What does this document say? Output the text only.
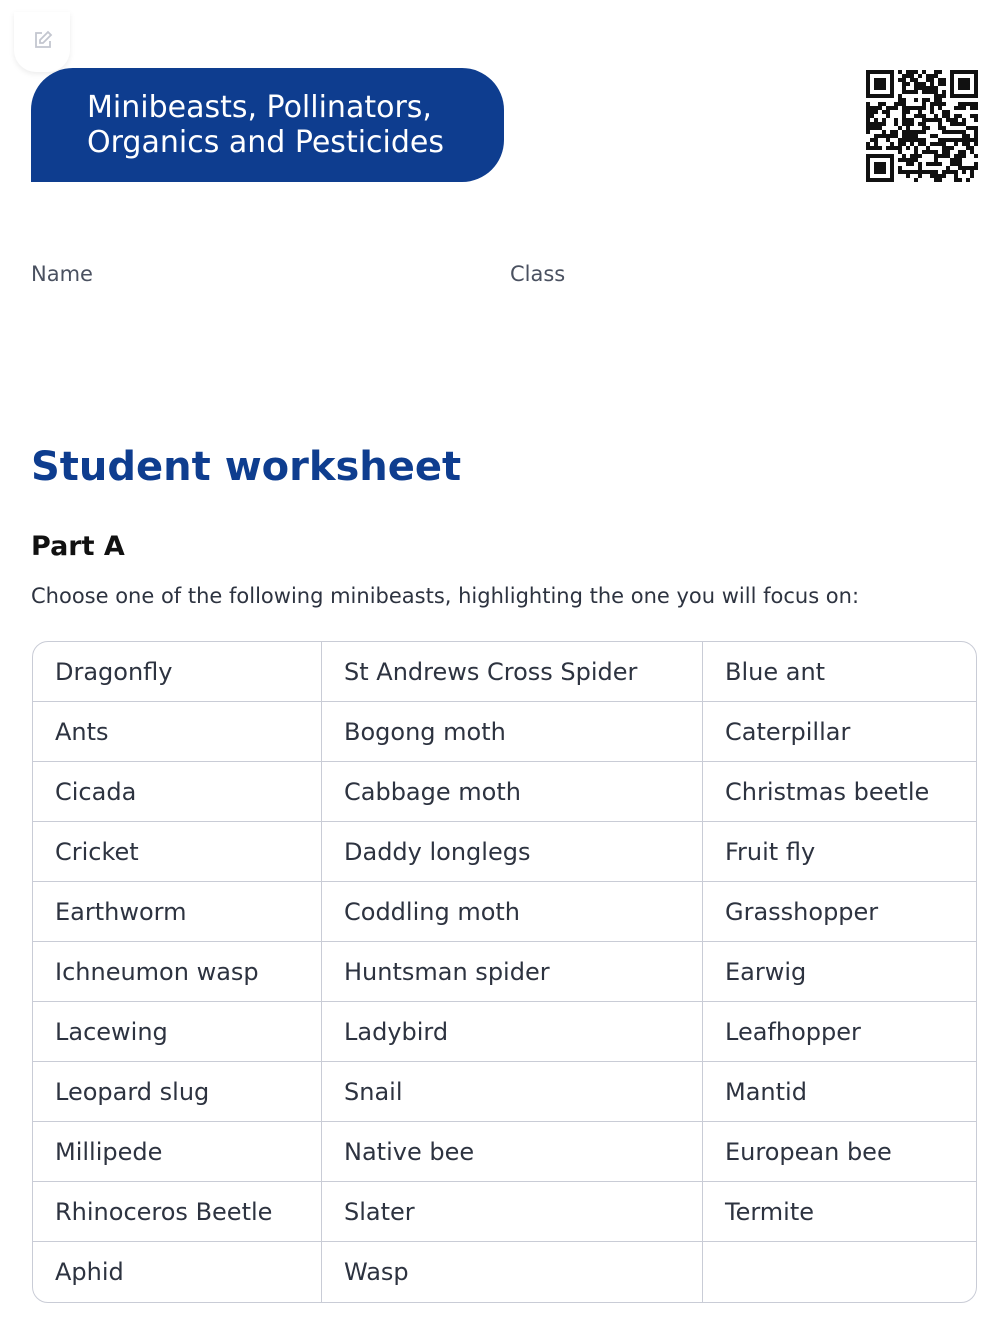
Minibeasts, Pollinators,
Organics and Pesticides
Name	Class
Student worksheet
Part A
Choose one of the following minibeasts, highlighting the one you will focus on:
Dragonfly	St Andrews Cross Spider	Blue ant
Ants	Bogong moth	Caterpillar
Cicada	Cabbage moth	Christmas beetle
Cricket	Daddy longlegs	Fruit fly
Earthworm	Coddling moth	Grasshopper
Ichneumon wasp	Huntsman spider	Earwig
Lacewing	Ladybird	Leafhopper
Leopard slug	Snail	Mantid
Millipede	Native bee	European bee
Rhinoceros Beetle	Slater	Termite
Aphid	Wasp	
